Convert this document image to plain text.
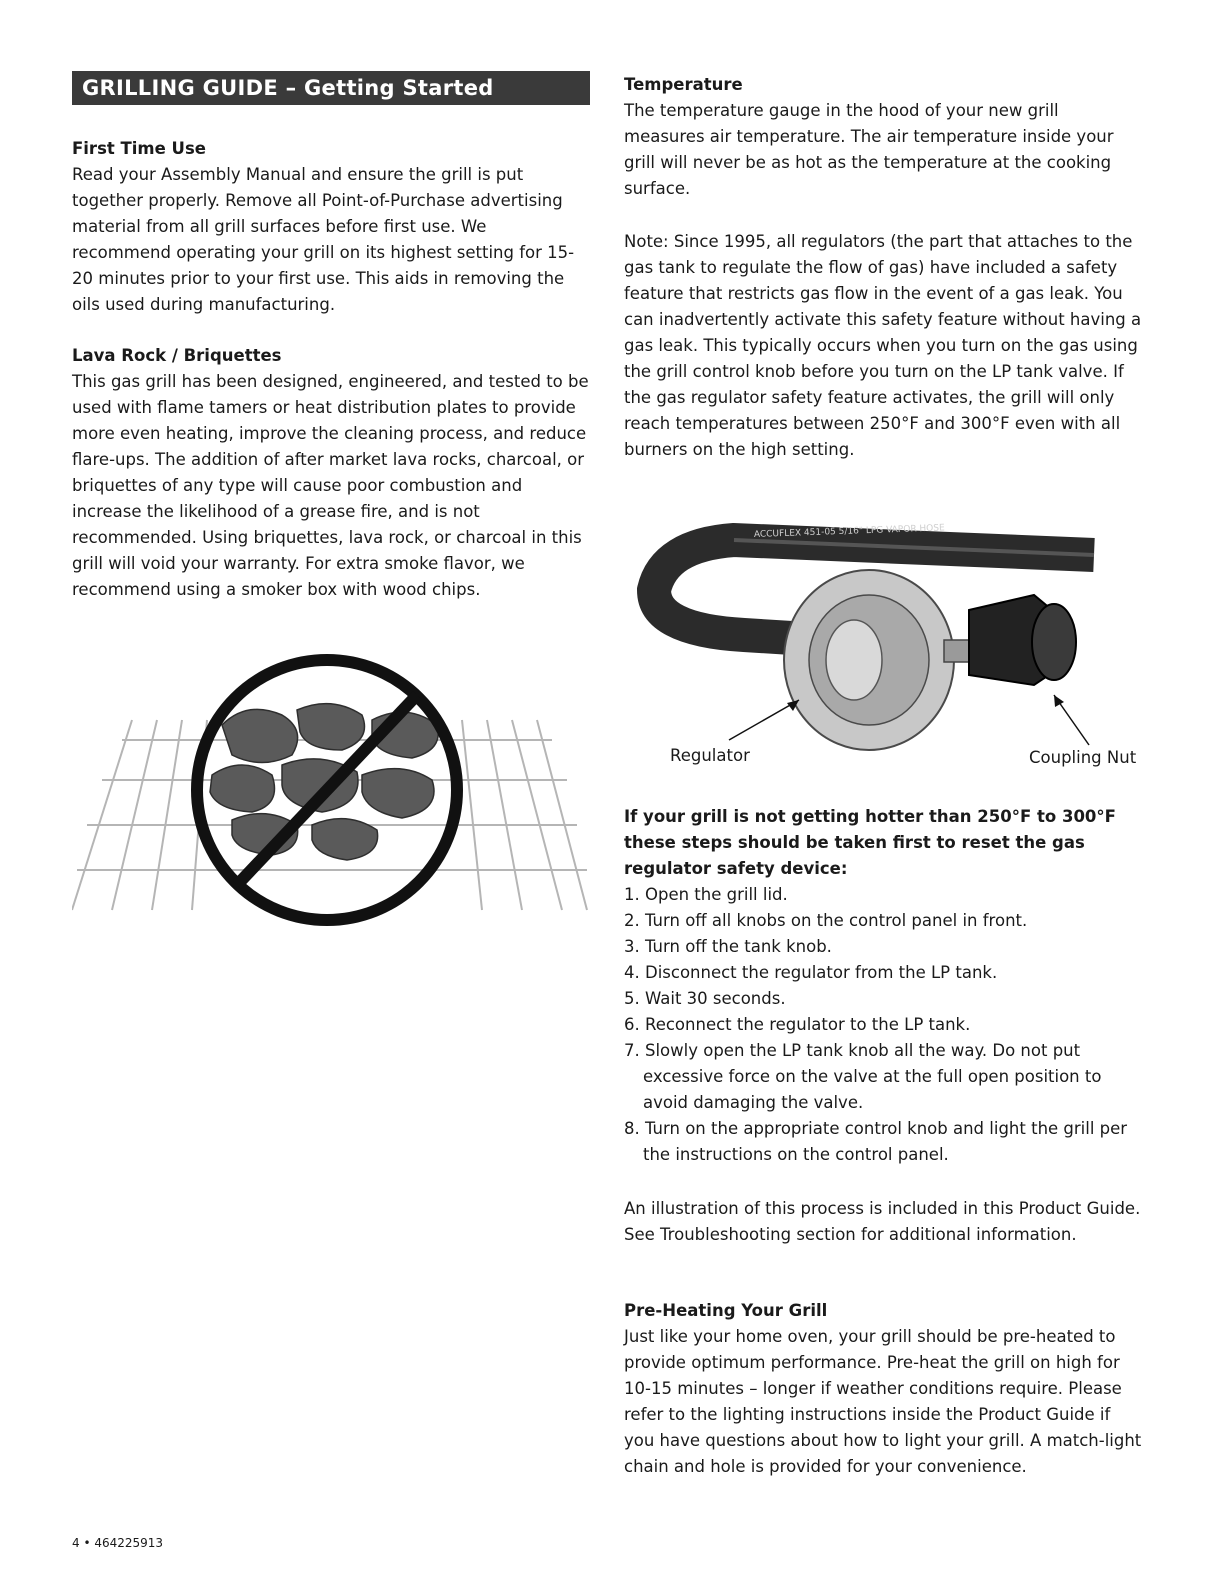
GRILLING GUIDE – Getting Started

First Time Use

Read your Assembly Manual and ensure the grill is put together properly. Remove all Point-of-Purchase advertising material from all grill surfaces before first use. We recommend operating your grill on its highest setting for 15-20 minutes prior to your first use. This aids in removing the oils used during manufacturing.

Lava Rock / Briquettes

This gas grill has been designed, engineered, and tested to be used with flame tamers or heat distribution plates to provide more even heating, improve the cleaning process, and reduce flare-ups. The addition of after market lava rocks, charcoal, or briquettes of any type will cause poor combustion and increase the likelihood of a grease fire, and is not recommended. Using briquettes, lava rock, or charcoal in this grill will void your warranty. For extra smoke flavor, we recommend using a smoker box with wood chips.

Temperature

The temperature gauge in the hood of your new grill measures air temperature. The air temperature inside your grill will never be as hot as the temperature at the cooking surface.

Note: Since 1995, all regulators (the part that attaches to the gas tank to regulate the flow of gas) have included a safety feature that restricts gas flow in the event of a gas leak. You can inadvertently activate this safety feature without having a gas leak. This typically occurs when you turn on the gas using the grill control knob before you turn on the LP tank valve. If the gas regulator safety feature activates, the grill will only reach temperatures between 250°F and 300°F even with all burners on the high setting.

ACCUFLEX 451-05 5/16" LPG VAPOR HOSE
Regulator	Coupling Nut

If your grill is not getting hotter than 250°F to 300°F these steps should be taken first to reset the gas regulator safety device:

1. Open the grill lid.
2. Turn off all knobs on the control panel in front.
3. Turn off the tank knob.
4. Disconnect the regulator from the LP tank.
5. Wait 30 seconds.
6. Reconnect the regulator to the LP tank.
7. Slowly open the LP tank knob all the way. Do not put excessive force on the valve at the full open position to avoid damaging the valve.
8. Turn on the appropriate control knob and light the grill per the instructions on the control panel.

An illustration of this process is included in this Product Guide. See Troubleshooting section for additional information.

Pre-Heating Your Grill

Just like your home oven, your grill should be pre-heated to provide optimum performance. Pre-heat the grill on high for 10-15 minutes – longer if weather conditions require. Please refer to the lighting instructions inside the Product Guide if you have questions about how to light your grill. A match-light chain and hole is provided for your convenience.

4 • 464225913
